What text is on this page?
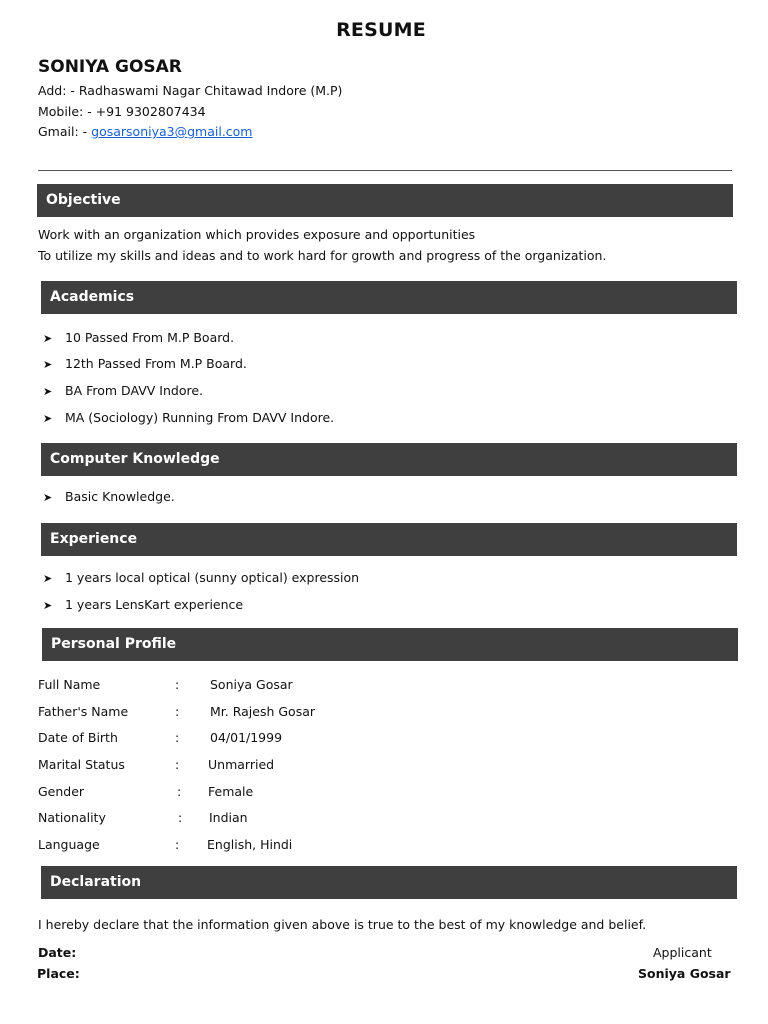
RESUME
SONIYA GOSAR
Add: - Radhaswami Nagar Chitawad Indore (M.P)
Mobile: - +91 9302807434
Gmail: - gosarsoniya3@gmail.com
Objective
Work with an organization which provides exposure and opportunities
To utilize my skills and ideas and to work hard for growth and progress of the organization.
Academics
➤ 10 Passed From M.P Board.
➤ 12th Passed From M.P Board.
➤ BA From DAVV Indore.
➤ MA (Sociology) Running From DAVV Indore.
Computer Knowledge
➤ Basic Knowledge.
Experience
➤ 1 years local optical (sunny optical) expression
➤ 1 years LensKart experience
Personal Profile
Full Name	: Soniya Gosar
Father's Name	: Mr. Rajesh Gosar
Date of Birth	: 04/01/1999
Marital Status	: Unmarried
Gender	: Female
Nationality	: Indian
Language	: English, Hindi
Declaration
I hereby declare that the information given above is true to the best of my knowledge and belief.
Date:
Place:
Applicant
Soniya Gosar
